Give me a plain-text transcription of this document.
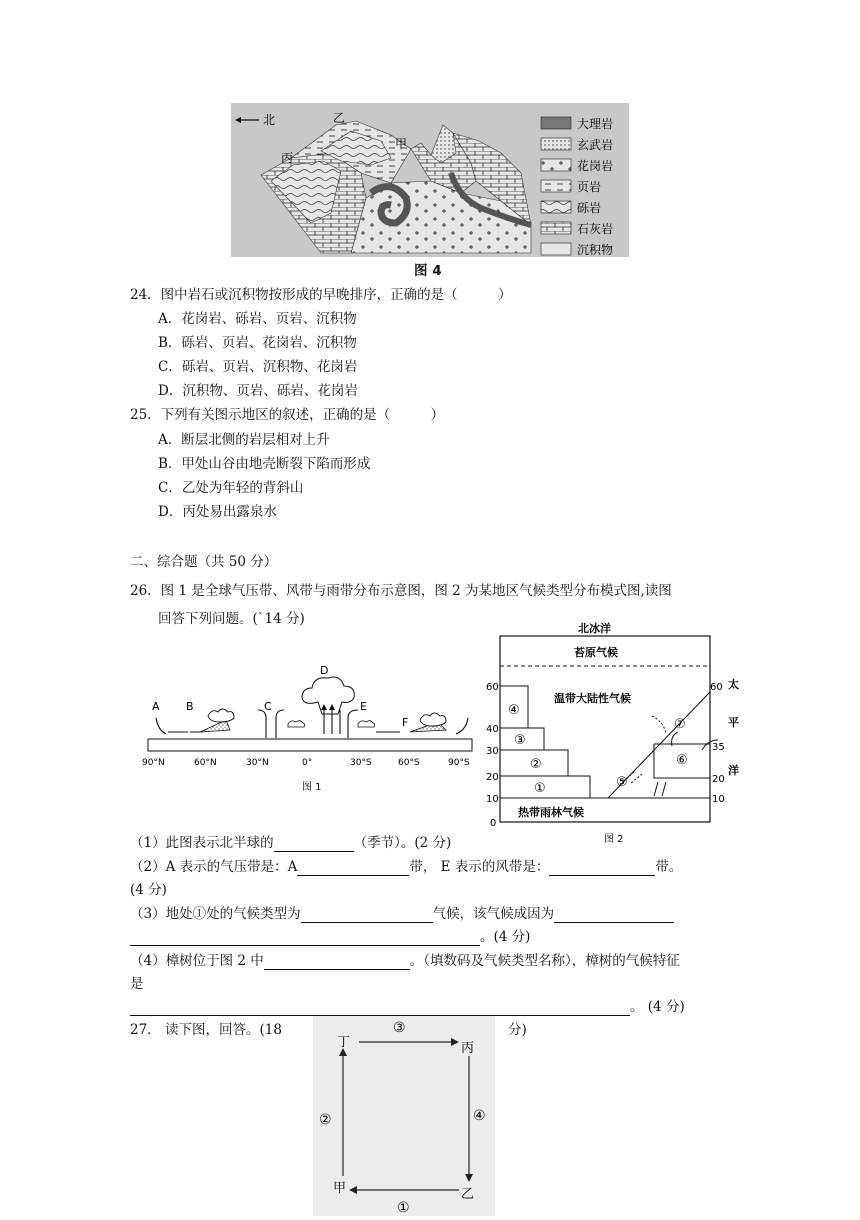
北	乙
甲
丙
大理岩
玄武岩
花岗岩
页岩
砾岩
石灰岩
沉积物
图 4
24．图中岩石或沉积物按形成的早晚排序，正确的是（　　　）
A．花岗岩、砾岩、页岩、沉积物
B．砾岩、页岩、花岗岩、沉积物
C．砾岩、页岩、沉积物、花岗岩
D．沉积物、页岩、砾岩、花岗岩
25．下列有关图示地区的叙述，正确的是（　　　）
A．断层北侧的岩层相对上升
B．甲处山谷由地壳断裂下陷而形成
C．乙处为年轻的背斜山
D．丙处易出露泉水
二、综合题（共 50 分）
26．图 1 是全球气压带、风带与雨带分布示意图，图 2 为某地区气候类型分布模式图,读图
回答下列问题。(`14 分)
A B	C
D
E
F
90°N	60°N	30°N	0°	30°S	60°S	90°S
图 1
北冰洋
苔原气候
温带大陆性气候
热带雨林气候
太
平
洋
60
40
30
20
10
0
60
35
20
10
④
③
②
①
⑦
⑥
⑤
图 2
（1）此图表示北半球的	（季节）。(2 分)
（2）A 表示的气压带是：A	带， E 表示的风带是：	带。
(4 分)
（3）地处①处的气候类型为	气候，该气候成因为
。(4 分)
（4）樟树位于图 2 中	。（填数码及气候类型名称），樟树的气候特征
是
。 (4 分)
27． 读下图，回答。(18	分)
丁	丙
乙
甲
③
④
①
②
